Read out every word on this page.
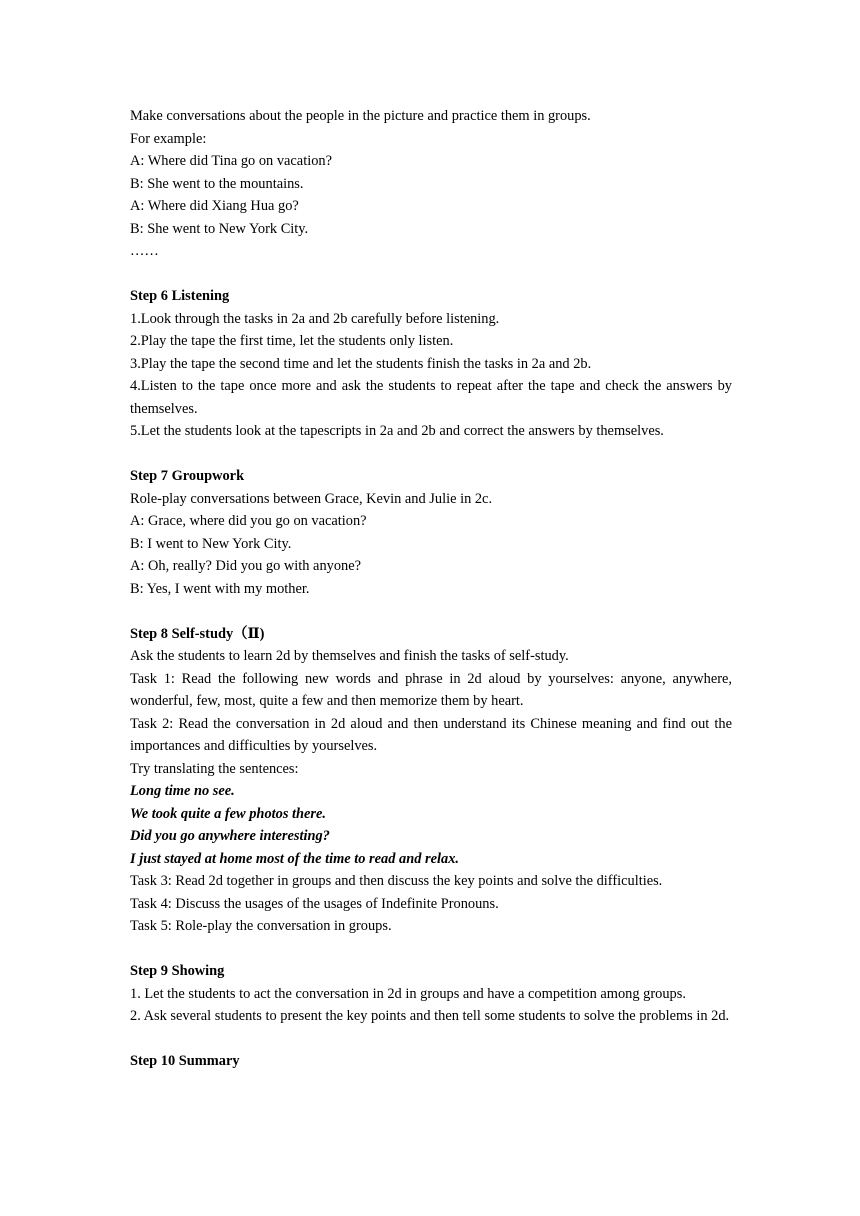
Make conversations about the people in the picture and practice them in groups.

For example:

A: Where did Tina go on vacation?

B: She went to the mountains.

A: Where did Xiang Hua go?

B: She went to New York City.

……

Step 6 Listening

1.Look through the tasks in 2a and 2b carefully before listening.

2.Play the tape the first time, let the students only listen.

3.Play the tape the second time and let the students finish the tasks in 2a and 2b.

4.Listen to the tape once more and ask the students to repeat after the tape and check the answers by themselves.

5.Let the students look at the tapescripts in 2a and 2b and correct the answers by themselves.

Step 7 Groupwork

Role-play conversations between Grace, Kevin and Julie in 2c.

A: Grace, where did you go on vacation?

B: I went to New York City.

A: Oh, really? Did you go with anyone?

B: Yes, I went with my mother.

Step 8 Self-study（Ⅱ)

Ask the students to learn 2d by themselves and finish the tasks of self-study.

Task 1: Read the following new words and phrase in 2d aloud by yourselves: anyone, anywhere, wonderful, few, most, quite a few and then memorize them by heart.

Task 2: Read the conversation in 2d aloud and then understand its Chinese meaning and find out the importances and difficulties by yourselves.

Try translating the sentences:

Long time no see.

We took quite a few photos there.

Did you go anywhere interesting?

I just stayed at home most of the time to read and relax.

Task 3: Read 2d together in groups and then discuss the key points and solve the difficulties.

Task 4: Discuss the usages of the usages of Indefinite Pronouns.

Task 5: Role-play the conversation in groups.

Step 9 Showing

1. Let the students to act the conversation in 2d in groups and have a competition among groups.

2. Ask several students to present the key points and then tell some students to solve the problems in 2d.

Step 10 Summary
